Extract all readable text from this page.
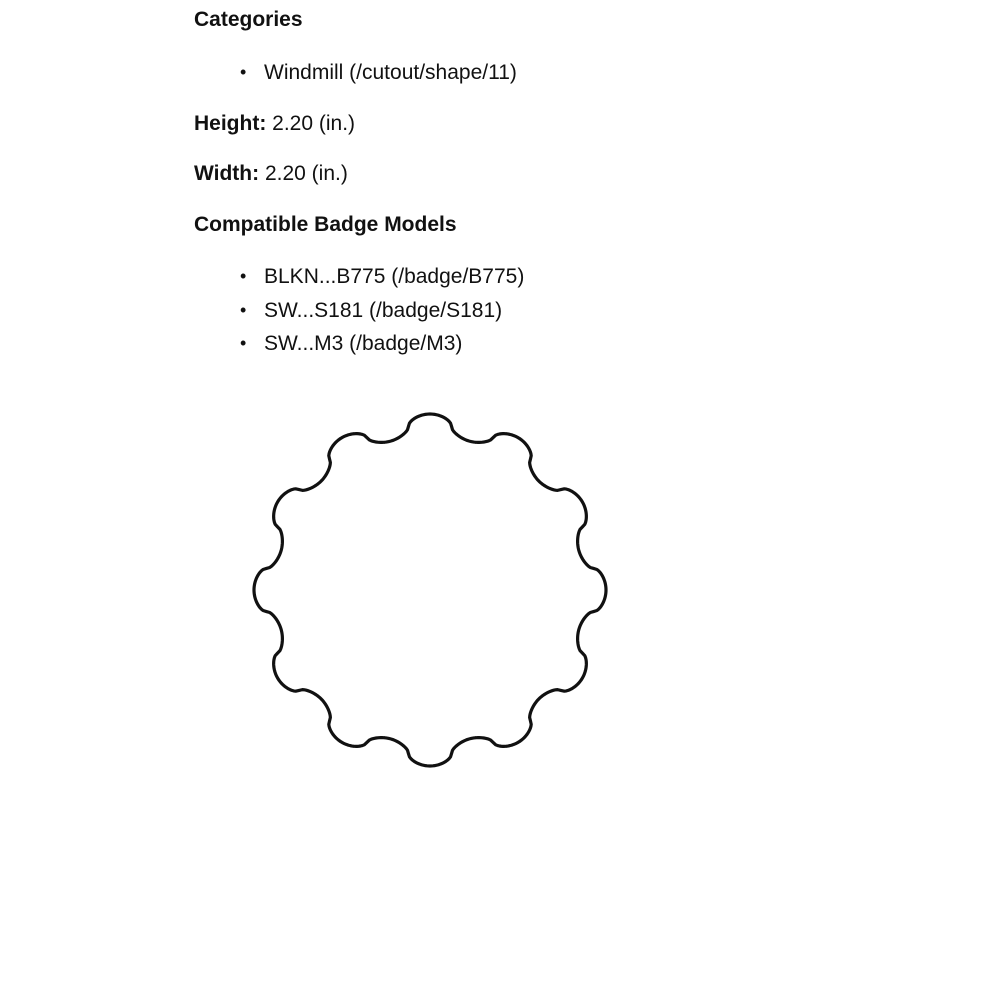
Categories
• Windmill (/cutout/shape/11)

Height: 2.20 (in.)

Width: 2.20 (in.)

Compatible Badge Models
• BLKN...B775 (/badge/B775)
• SW...S181 (/badge/S181)
• SW...M3 (/badge/M3)
